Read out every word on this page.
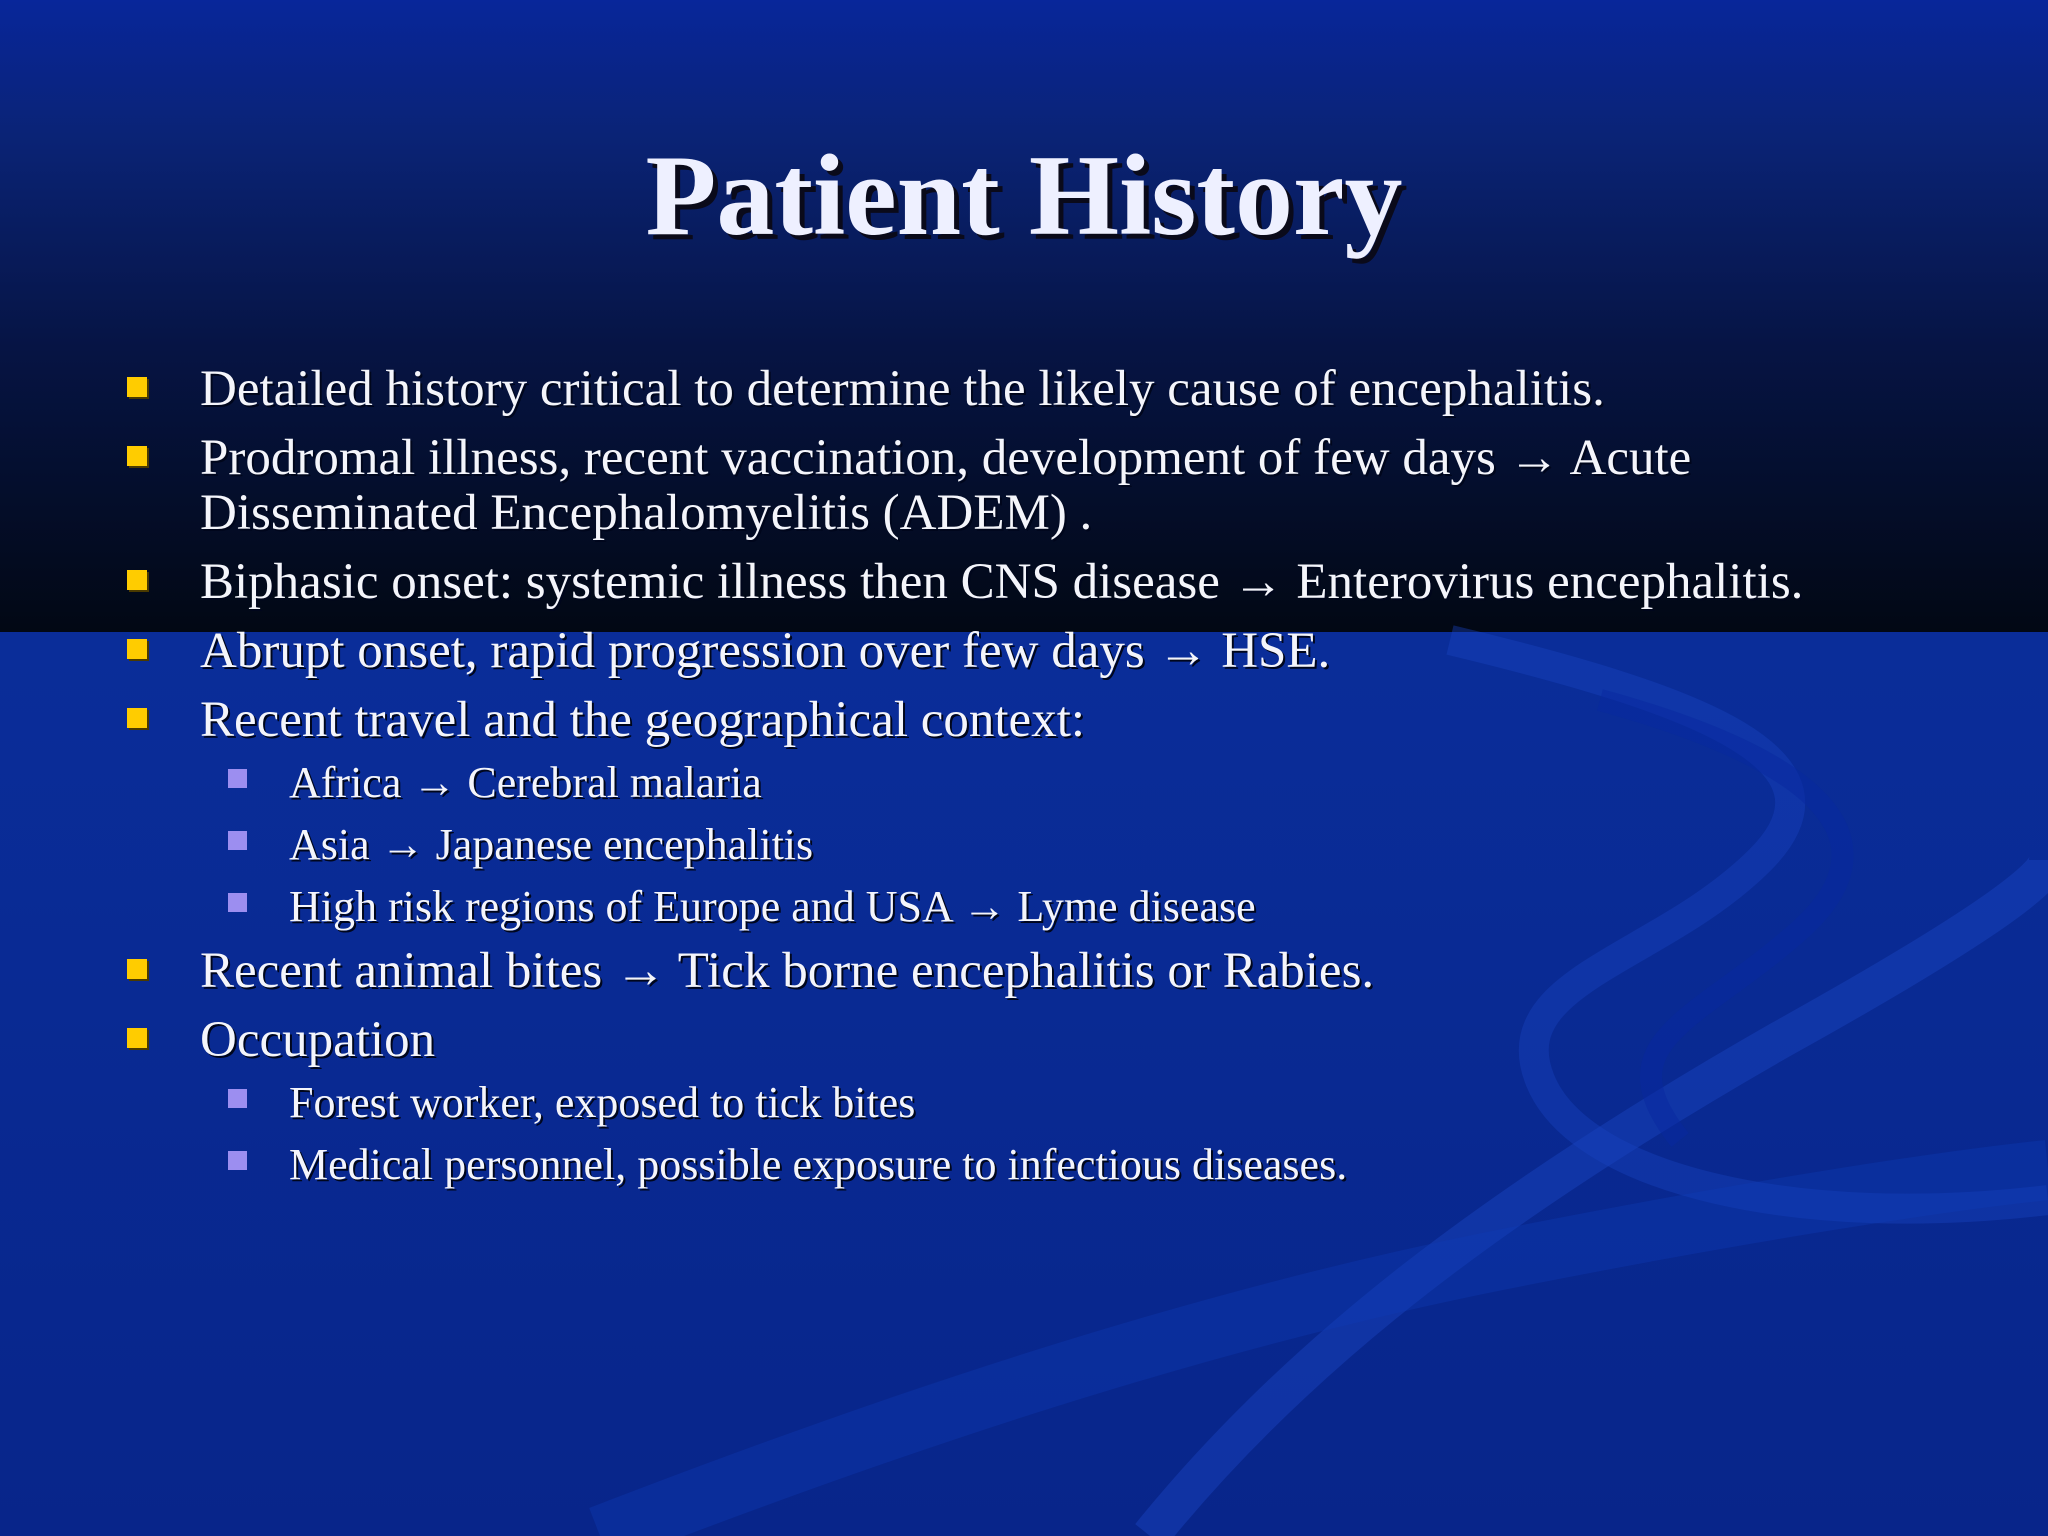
Patient History
Detailed history critical to determine the likely cause of encephalitis.
Prodromal illness, recent vaccination, development of few days → Acute Disseminated Encephalomyelitis (ADEM) .
Biphasic onset: systemic illness then CNS disease → Enterovirus encephalitis.
Abrupt onset, rapid progression over few days → HSE.
Recent travel and the geographical context:
Africa → Cerebral malaria
Asia → Japanese encephalitis
High risk regions of Europe and USA → Lyme disease
Recent animal bites → Tick borne encephalitis or Rabies.
Occupation
Forest worker, exposed to tick bites
Medical personnel, possible exposure to infectious diseases.
